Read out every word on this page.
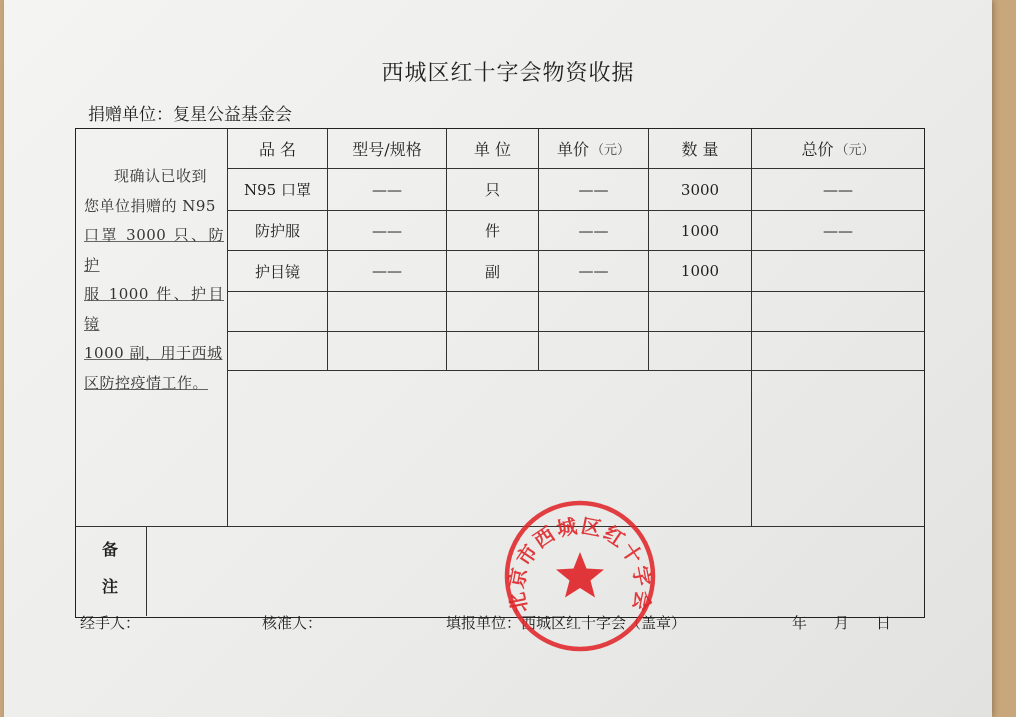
西城区红十字会物资收据
捐赠单位：复星公益基金会
品 名	型号/规格	单 位	单价 （元）	数 量	总价 （元）
N95 口罩	——	只	——	3000	——
防护服	——	件	——	1000	——
护目镜	——	副	——	1000
现确认已收到
您单位捐赠的 N95
口罩 3000 只、防护
服 1000 件、护目镜
1000 副，用于西城
区防控疫情工作。
备
注
经手人：	核准人：	填报单位：西城区红十字会（盖章）	年 月 日
北京市西城区红十字会
